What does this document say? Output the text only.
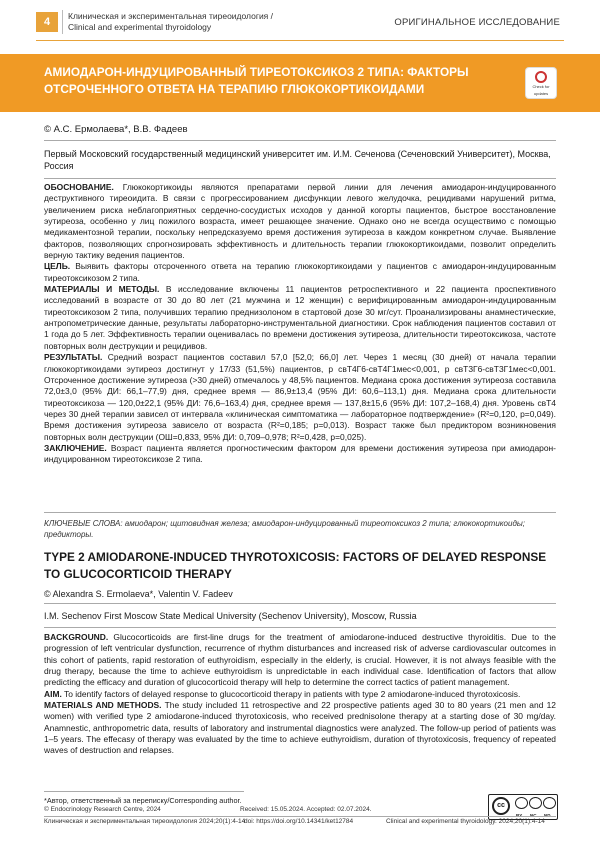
4	Клиническая и экспериментальная тиреоидология /
Clinical and experimental thyroidology	ОРИГИНАЛЬНОЕ ИССЛЕДОВАНИЕ
АМИОДАРОН-ИНДУЦИРОВАННЫЙ ТИРЕОТОКСИКОЗ 2 ТИПА: ФАКТОРЫ
ОТСРОЧЕННОГО ОТВЕТА НА ТЕРАПИЮ ГЛЮКОКОРТИКОИДАМИ	Check for
updates
© А.С. Ермолаева*, В.В. Фадеев
Первый Московский государственный медицинский университет им. И.М. Сеченова (Сеченовский Университет), Москва, Россия

ОБОСНОВАНИЕ. Глюкокортикоиды являются препаратами первой линии для лечения амиодарон-индуцированного деструктивного тиреоидита. В связи с прогрессированием дисфункции левого желудочка, рецидивами нарушений ритма, увеличением риска неблагоприятных сердечно-сосудистых исходов у данной когорты пациентов, быстрое восстановление эутиреоза, особенно у лиц пожилого возраста, имеет решающее значение. Однако оно не всегда осуществимо с помощью медикаментозной терапии, поскольку непредсказуемо время достижения эутиреоза в каждом конкретном случае. Выявление факторов, позволяющих спрогнозировать эффективность и длительность терапии глюкокортикоидами, позволит определить верную тактику ведения пациентов.

ЦЕЛЬ. Выявить факторы отсроченного ответа на терапию глюкокортикоидами у пациентов с амиодарон-индуцированным тиреотоксикозом 2 типа.

МАТЕРИАЛЫ И МЕТОДЫ. В исследование включены 11 пациентов ретроспективного и 22 пациента проспективного исследований в возрасте от 30 до 80 лет (21 мужчина и 12 женщин) с верифицированным амиодарон-индуцированным тиреотоксикозом 2 типа, получивших терапию преднизолоном в стартовой дозе 30 мг/сут. Проанализированы анамнестические, антропометрические данные, результаты лабораторно-инструментальной диагностики. Срок наблюдения пациентов составил от 1 года до 5 лет. Эффективность терапии оценивалась по времени достижения эутиреоза, длительности тиреотоксикоза, частоте повторных волн деструкции и рецидивов.

РЕЗУЛЬТАТЫ. Средний возраст пациентов составил 57,0 [52,0; 66,0] лет. Через 1 месяц (30 дней) от начала терапии глюкокортикоидами эутиреоз достигнут у 17/33 (51,5%) пациентов, p свТ4Г6-свТ4Г1мес<0,001, p свТ3Г6-свТ3Г1мес<0,001. Отсроченное достижение эутиреоза (>30 дней) отмечалось у 48,5% пациентов. Медиана срока достижения эутиреоза составила 72,0±3,0 (95% ДИ: 66,1–77,9) дня, среднее время — 86,9±13,4 (95% ДИ: 60,6–113,1) дня. Медиана срока длительности тиреотоксикоза — 120,0±22,1 (95% ДИ: 76,6–163,4) дня, среднее время — 137,8±15,6 (95% ДИ: 107,2–168,4) дня. Уровень свТ4 через 30 дней терапии зависел от интервала «клиническая симптоматика — лабораторное подтверждение» (R²=0,120, p=0,049). Время достижения эутиреоза зависело от возраста (R²=0,185; p=0,013). Возраст также был предиктором возникновения повторных волн деструкции (ОШ=0,833, 95% ДИ: 0,709–0,978; R²=0,428, p=0,025).

ЗАКЛЮЧЕНИЕ. Возраст пациента является прогностическим фактором для времени достижения эутиреоза при амиодарон-индуцированном тиреотоксикозе 2 типа.

КЛЮЧЕВЫЕ СЛОВА: амиодарон; щитовидная железа; амиодарон-индуцированный тиреотоксикоз 2 типа; глюкокортикоиды; предикторы.
TYPE 2 AMIODARONE-INDUCED THYROTOXICOSIS: FACTORS OF DELAYED RESPONSE
TO GLUCOCORTICOID THERAPY
© Alexandra S. Ermolaeva*, Valentin V. Fadeev
I.M. Sechenov First Moscow State Medical University (Sechenov University), Moscow, Russia

BACKGROUND. Glucocorticoids are first-line drugs for the treatment of amiodarone-induced destructive thyroiditis. Due to the progression of left ventricular dysfunction, recurrence of rhythm disturbances and increased risk of adverse cardiovascular outcomes in this cohort of patients, rapid restoration of euthyroidism, especially in the elderly, is crucial. However, it is not always feasible with the drug therapy, because the time to achieve euthyroidism is unpredictable in each individual case. Identification of factors that allow predicting the efficacy and duration of glucocorticoid therapy will help to determine the correct tactics of patient management.

AIM. To identify factors of delayed response to glucocorticoid therapy in patients with type 2 amiodarone-induced thyrotoxicosis.

MATERIALS AND METHODS. The study included 11 retrospective and 22 prospective patients aged 30 to 80 years (21 men and 12 women) with verified type 2 amiodarone-induced thyrotoxicosis, who received prednisolone therapy at a starting dose of 30 mg/day. Anamnestic, anthropometric data, results of laboratory and instrumental diagnostics were analyzed. The follow-up period of patients was 1–5 years. The effecasy of therapy was evaluated by the time to achieve euthyroidism, duration of thyrotoxicosis, frequency of repeated waves of destruction and relapses.

*Автор, ответственный за переписку/Corresponding author.
© Endocrinology Research Centre, 2024	Received: 15.05.2024. Accepted: 02.07.2024.
cc
Клиническая и экспериментальная тиреоидология 2024;20(1):4-14
doi: https://doi.org/10.14341/ket12784	Clinical and experimental thyroidology. 2024;20(1):4-14
